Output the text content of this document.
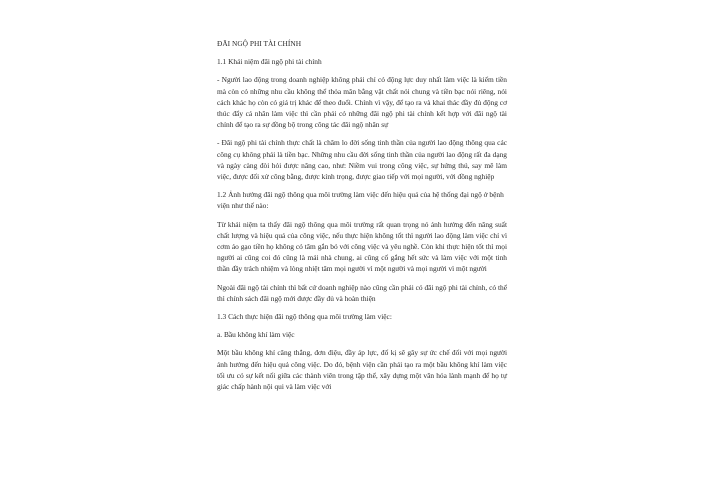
ĐÃI NGỘ PHI TÀI CHÍNH
1.1 Khái niệm đãi ngộ phi tài chính
- Người lao động trong doanh nghiệp không phải chỉ có động lực duy nhất làm việc là kiếm tiền mà còn có những nhu cầu không thể thỏa mãn bằng vật chất nói chung và tiền bạc nói riêng, nói cách khác họ còn có giá trị khác để theo đuổi. Chính vì vậy, để tạo ra và khai thác đầy đủ động cơ thúc đẩy cá nhân làm việc thì cần phải có những đãi ngộ phi tài chính kết hợp với đãi ngộ tài chính để tạo ra sự đồng bộ trong công tác đãi ngộ nhân sự
- Đãi ngộ phi tài chính thực chất là chăm lo đời sống tinh thần của người lao động thông qua các công cụ không phải là tiền bạc. Những nhu cầu đời sống tinh thần của người lao động rất đa dạng và ngày càng đòi hỏi được nâng cao, như: Niềm vui trong công việc, sự hứng thú, say mê làm việc, được đối xử công bằng, được kính trọng, được giao tiếp với mọi người, với đồng nghiệp
1.2 Ảnh hưởng đãi ngộ thông qua môi trường làm việc đến hiệu quả của hệ thống đại ngộ ở bệnh viện như thế nào:
Từ khái niệm ta thấy đãi ngộ thông qua môi trường rất quan trọng nó ảnh hưởng đến năng suất chất lượng và hiệu quả của công việc, nếu thực hiện không tốt thì người lao động làm việc chỉ vì cơm áo gạo tiền họ không có tâm gắn bó với công việc và yêu nghề. Còn khi thực hiện tốt thì mọi người ai cũng coi đó cũng là mái nhà chung, ai cũng cố gắng hết sức và làm việc với một tinh thần đầy trách nhiệm và lòng nhiệt tâm mọi người vì một người và mọi người vì một người
Ngoài đãi ngộ tài chính thì bất cứ doanh nghiệp nào cũng cần phải có đãi ngộ phi tài chính, có thể thì chính sách đãi ngộ mới được đầy đủ và hoàn thiện
1.3 Cách thực hiện đãi ngộ thông qua môi trường làm việc:
a. Bầu không khí làm việc
Một bầu không khí căng thẳng, đơn điệu, đầy áp lực, đố kị sẽ gây sự ức chế đối với mọi người ảnh hưởng đến hiệu quả công việc. Do đó, bệnh viện cần phải tạo ra một bầu không khí làm việc tối ưu có sự kết nối giữa các thành viên trong tập thể, xây dựng một văn hóa lành mạnh để họ tự giác chấp hành nội qui và làm việc với
